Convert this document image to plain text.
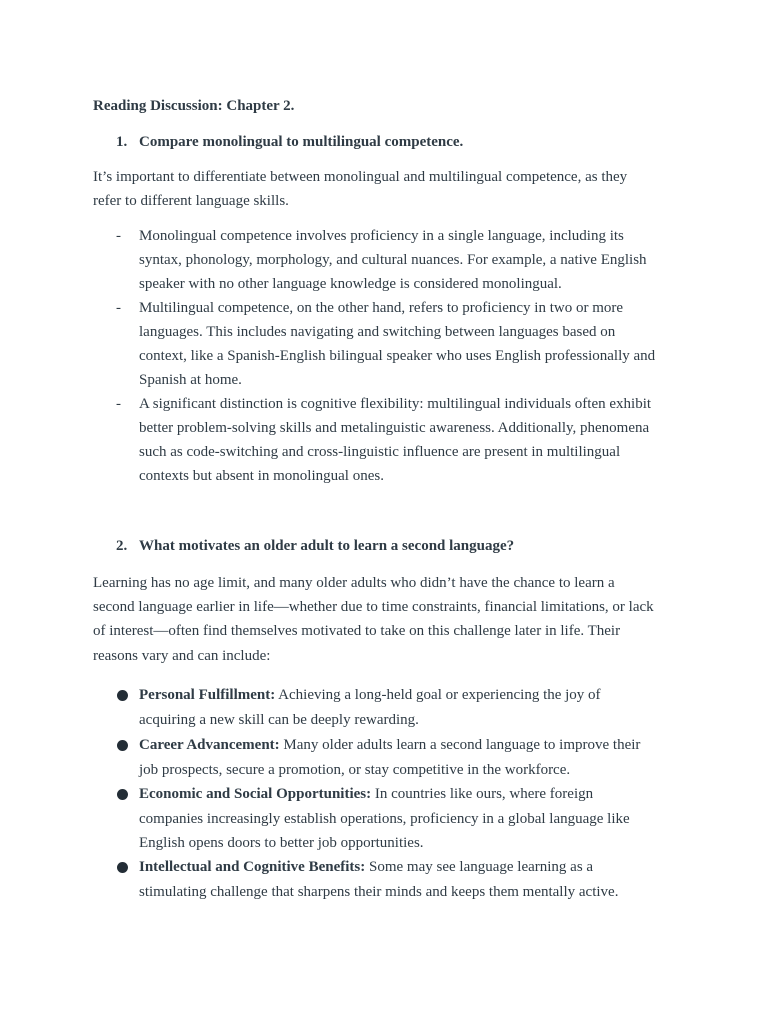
Reading Discussion: Chapter 2.
1. Compare monolingual to multilingual competence.
It’s important to differentiate between monolingual and multilingual competence, as they
refer to different language skills.
- Monolingual competence involves proficiency in a single language, including its
syntax, phonology, morphology, and cultural nuances. For example, a native English
speaker with no other language knowledge is considered monolingual.
- Multilingual competence, on the other hand, refers to proficiency in two or more
languages. This includes navigating and switching between languages based on
context, like a Spanish-English bilingual speaker who uses English professionally and
Spanish at home.
- A significant distinction is cognitive flexibility: multilingual individuals often exhibit
better problem-solving skills and metalinguistic awareness. Additionally, phenomena
such as code-switching and cross-linguistic influence are present in multilingual
contexts but absent in monolingual ones.
2. What motivates an older adult to learn a second language?
Learning has no age limit, and many older adults who didn’t have the chance to learn a
second language earlier in life—whether due to time constraints, financial limitations, or lack
of interest—often find themselves motivated to take on this challenge later in life. Their
reasons vary and can include:
Personal Fulfillment: Achieving a long-held goal or experiencing the joy of
acquiring a new skill can be deeply rewarding.
Career Advancement: Many older adults learn a second language to improve their
job prospects, secure a promotion, or stay competitive in the workforce.
Economic and Social Opportunities: In countries like ours, where foreign
companies increasingly establish operations, proficiency in a global language like
English opens doors to better job opportunities.
Intellectual and Cognitive Benefits: Some may see language learning as a
stimulating challenge that sharpens their minds and keeps them mentally active.
